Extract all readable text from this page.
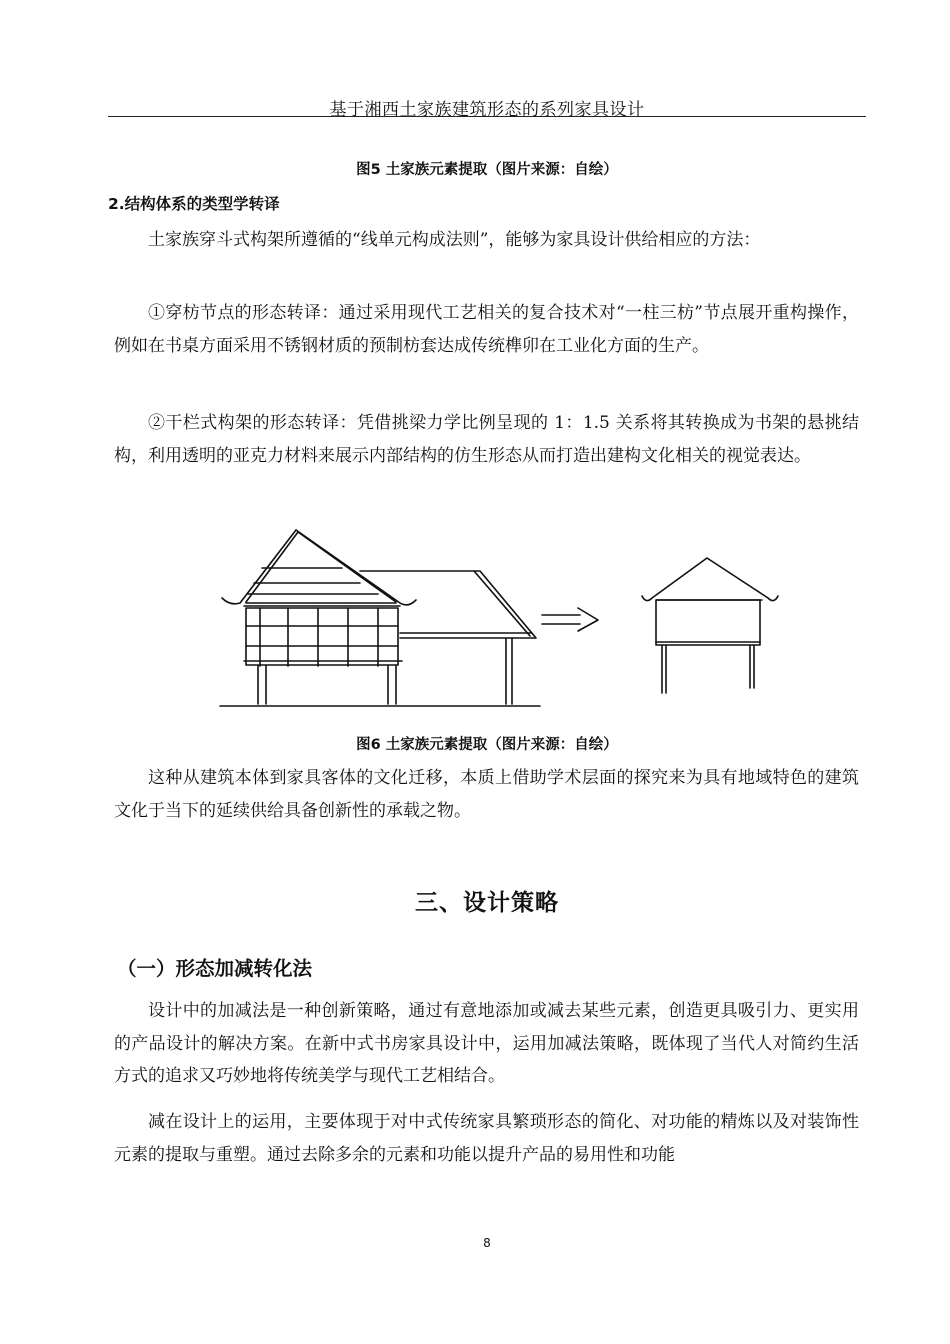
基于湘西土家族建筑形态的系列家具设计
图5 土家族元素提取（图片来源：自绘）
2.结构体系的类型学转译

土家族穿斗式构架所遵循的“线单元构成法则”，能够为家具设计供给相应的方法：

①穿枋节点的形态转译：通过采用现代工艺相关的复合技术对“一柱三枋”节点展开重构操作，例如在书桌方面采用不锈钢材质的预制枋套达成传统榫卯在工业化方面的生产。

②干栏式构架的形态转译：凭借挑梁力学比例呈现的 1：1.5 关系将其转换成为书架的悬挑结构，利用透明的亚克力材料来展示内部结构的仿生形态从而打造出建构文化相关的视觉表达。

图6 土家族元素提取（图片来源：自绘）

这种从建筑本体到家具客体的文化迁移，本质上借助学术层面的探究来为具有地域特色的建筑文化于当下的延续供给具备创新性的承载之物。

三、设计策略
（一）形态加减转化法

设计中的加减法是一种创新策略，通过有意地添加或减去某些元素，创造更具吸引力、更实用的产品设计的解决方案。在新中式书房家具设计中，运用加减法策略，既体现了当代人对简约生活方式的追求又巧妙地将传统美学与现代工艺相结合。

减在设计上的运用，主要体现于对中式传统家具繁琐形态的简化、对功能的精炼以及对装饰性元素的提取与重塑。通过去除多余的元素和功能以提升产品的易用性和功能

8
